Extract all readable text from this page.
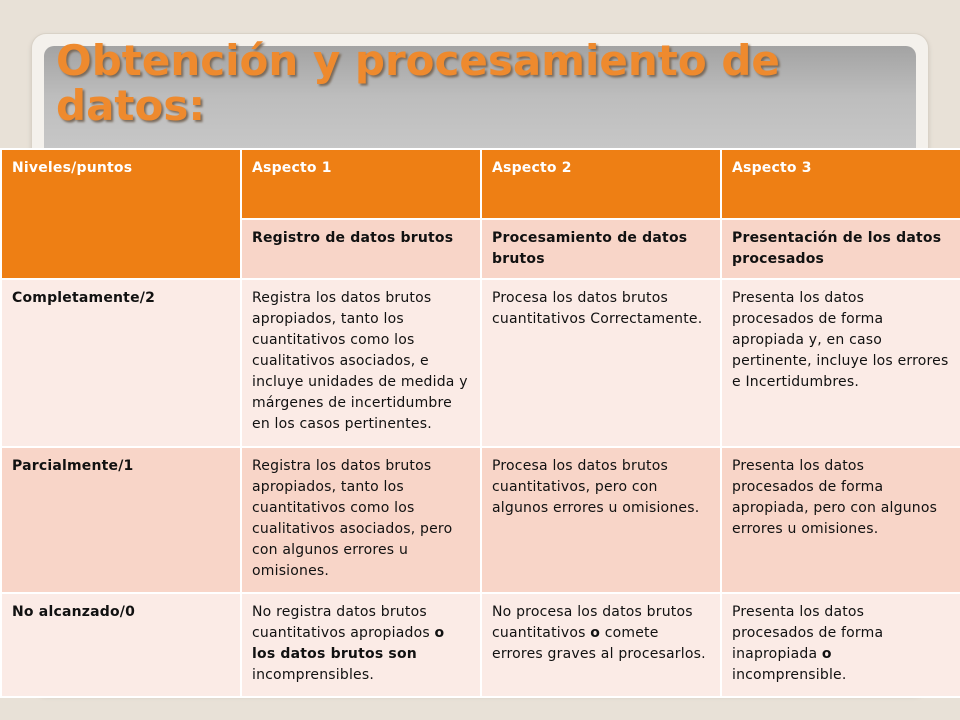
Obtención y procesamiento de datos:
Niveles/puntos	Aspecto 1	Aspecto 2	Aspecto 3
	Registro de datos brutos	Procesamiento de datos brutos	Presentación de los datos procesados
Completamente/2	Registra los datos brutos apropiados, tanto los cuantitativos como los cualitativos asociados, e incluye unidades de medida y márgenes de incertidumbre en los casos pertinentes.	Procesa los datos brutos cuantitativos Correctamente.	Presenta los datos procesados de forma apropiada y, en caso pertinente, incluye los errores e Incertidumbres.
Parcialmente/1	Registra los datos brutos apropiados, tanto los cuantitativos como los cualitativos asociados, pero con algunos errores u omisiones.	Procesa los datos brutos cuantitativos, pero con algunos errores u omisiones.	Presenta los datos procesados de forma apropiada, pero con algunos errores u omisiones.
No alcanzado/0	No registra datos brutos cuantitativos apropiados o los datos brutos son incomprensibles.	No procesa los datos brutos cuantitativos o comete errores graves al procesarlos.	Presenta los datos procesados de forma inapropiada o incomprensible.
